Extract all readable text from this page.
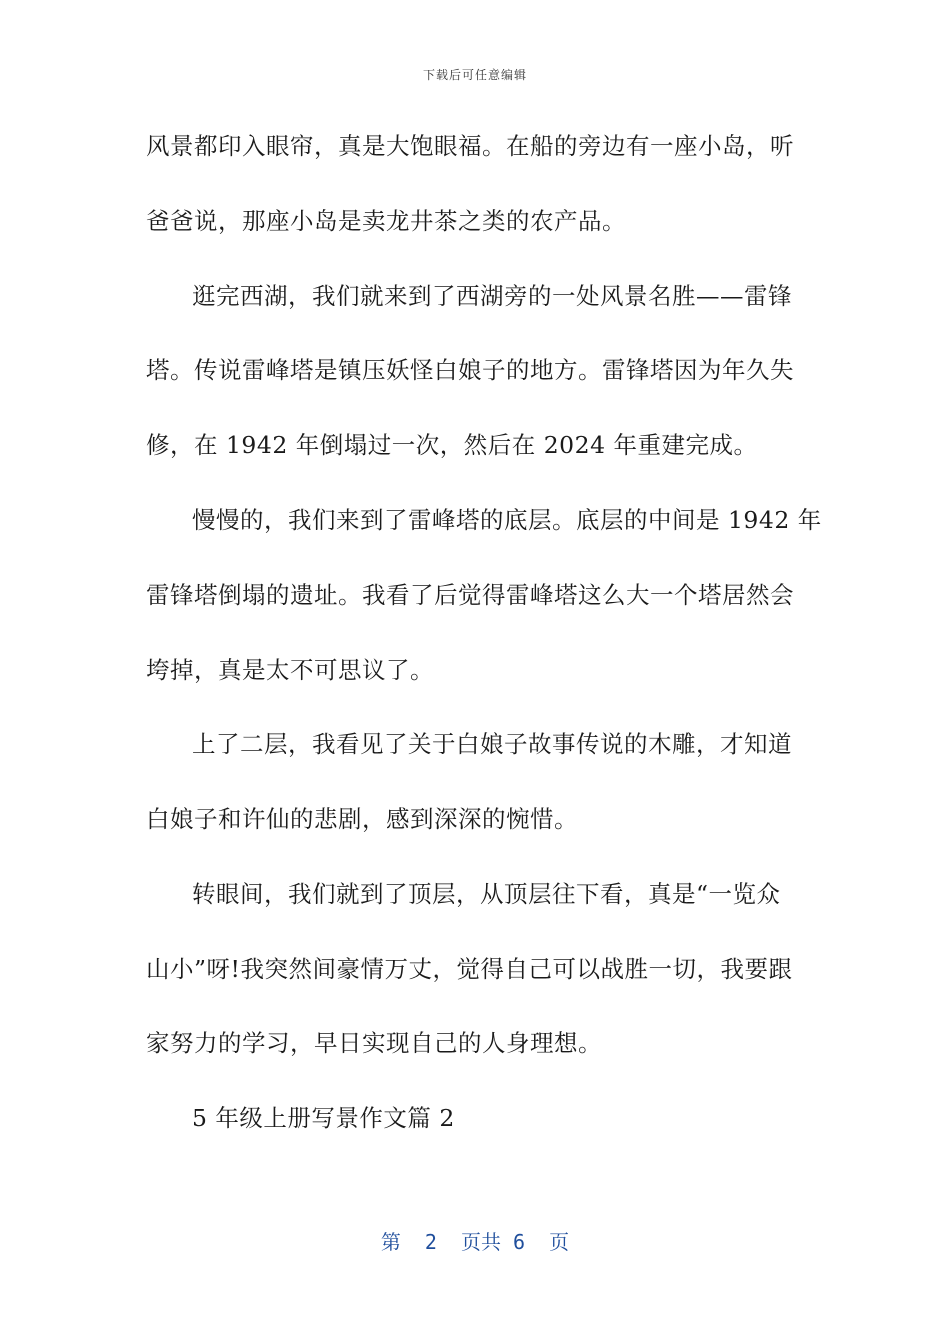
下载后可任意编辑
风景都印入眼帘，真是大饱眼福。在船的旁边有一座小岛，听
爸爸说，那座小岛是卖龙井茶之类的农产品。
逛完西湖，我们就来到了西湖旁的一处风景名胜——雷锋
塔。传说雷峰塔是镇压妖怪白娘子的地方。雷锋塔因为年久失
修，在 1942 年倒塌过一次，然后在 2024 年重建完成。
慢慢的，我们来到了雷峰塔的底层。底层的中间是 1942 年
雷锋塔倒塌的遗址。我看了后觉得雷峰塔这么大一个塔居然会
垮掉，真是太不可思议了。
上了二层，我看见了关于白娘子故事传说的木雕，才知道
白娘子和许仙的悲剧，感到深深的惋惜。
转眼间，我们就到了顶层，从顶层往下看，真是“一览众
山小”呀!我突然间豪情万丈，觉得自己可以战胜一切，我要跟
家努力的学习，早日实现自己的人身理想。
5 年级上册写景作文篇 2
第  2  页共 6  页
